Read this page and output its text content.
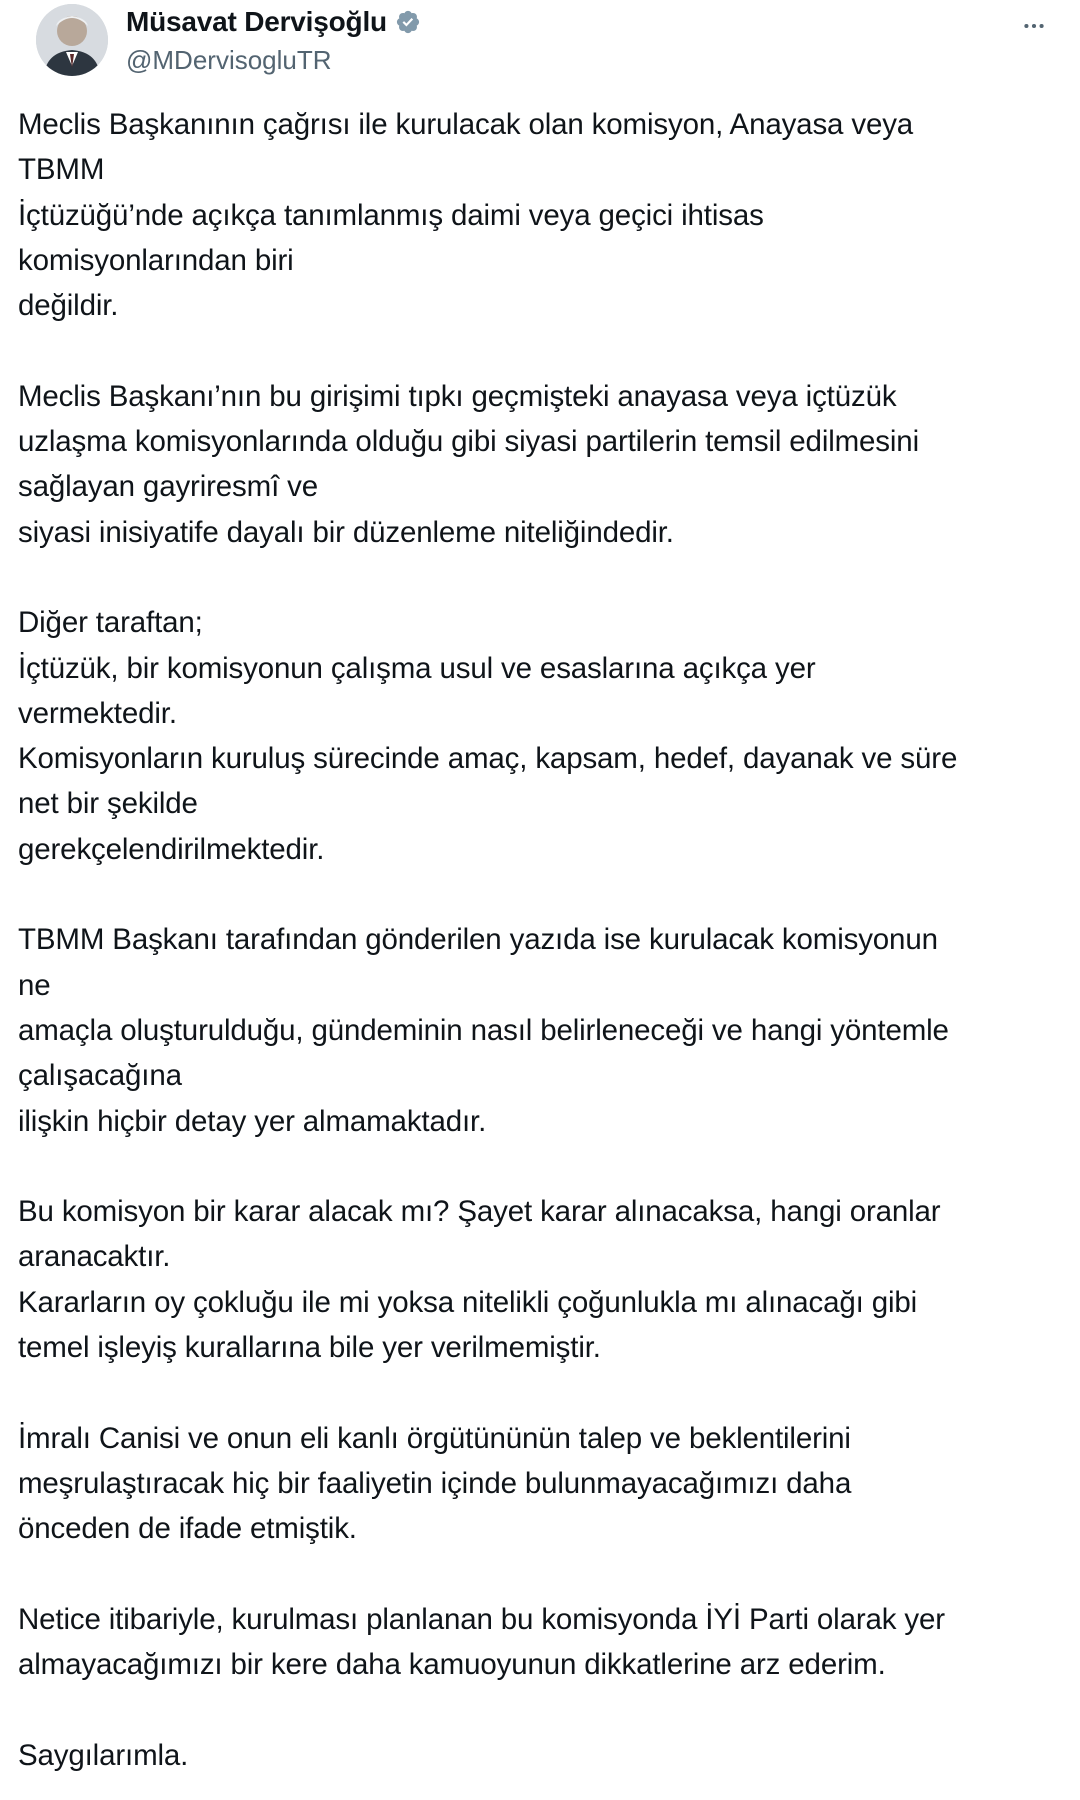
Müsavat Dervişoğlu
@MDervisogluTR
Meclis Başkanının çağrısı ile kurulacak olan komisyon, Anayasa veya
TBMM
İçtüzüğü’nde açıkça tanımlanmış daimi veya geçici ihtisas
komisyonlarından biri
değildir.
Meclis Başkanı’nın bu girişimi tıpkı geçmişteki anayasa veya içtüzük
uzlaşma komisyonlarında olduğu gibi siyasi partilerin temsil edilmesini
sağlayan gayriresmî ve
siyasi inisiyatife dayalı bir düzenleme niteliğindedir.
Diğer taraftan;
İçtüzük, bir komisyonun çalışma usul ve esaslarına açıkça yer
vermektedir.
Komisyonların kuruluş sürecinde amaç, kapsam, hedef, dayanak ve süre
net bir şekilde
gerekçelendirilmektedir.
TBMM Başkanı tarafından gönderilen yazıda ise kurulacak komisyonun
ne
amaçla oluşturulduğu, gündeminin nasıl belirleneceği ve hangi yöntemle
çalışacağına
ilişkin hiçbir detay yer almamaktadır.
Bu komisyon bir karar alacak mı? Şayet karar alınacaksa, hangi oranlar
aranacaktır.
Kararların oy çokluğu ile mi yoksa nitelikli çoğunlukla mı alınacağı gibi
temel işleyiş kurallarına bile yer verilmemiştir.
İmralı Canisi ve onun eli kanlı örgütününün talep ve beklentilerini
meşrulaştıracak hiç bir faaliyetin içinde bulunmayacağımızı daha
önceden de ifade etmiştik.
Netice itibariyle, kurulması planlanan bu komisyonda İYİ Parti olarak yer
almayacağımızı bir kere daha kamuoyunun dikkatlerine arz ederim.
Saygılarımla.
